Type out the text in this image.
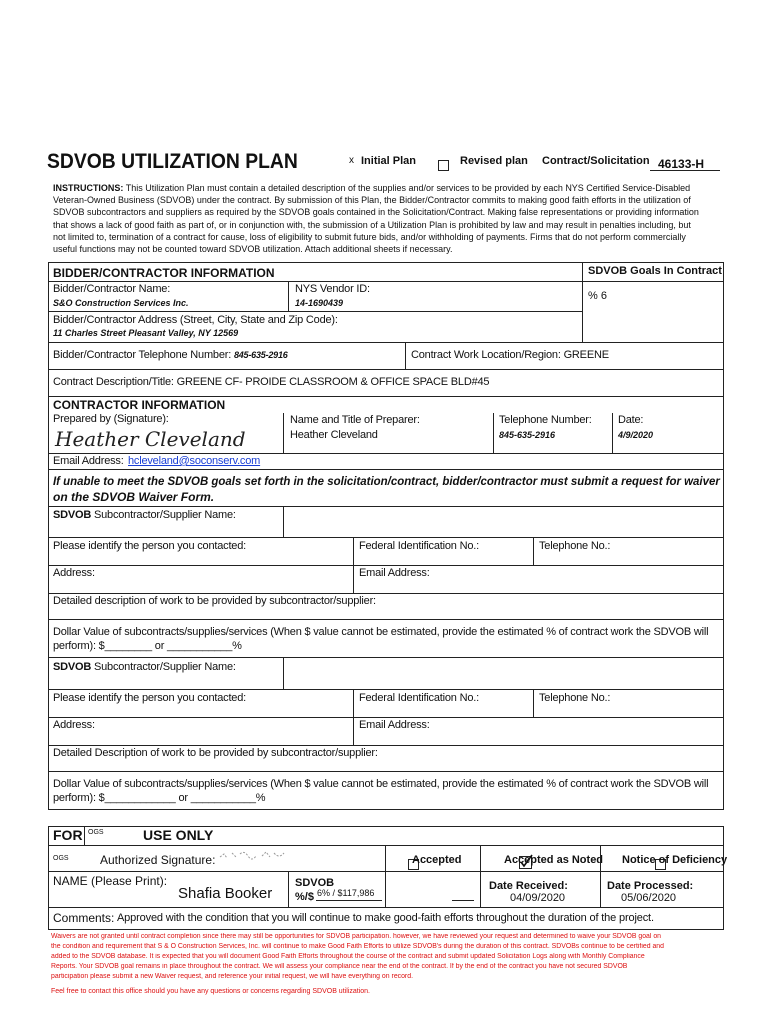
SDVOB UTILIZATION PLAN	x Initial Plan
	Revised plan Contract/Solicitation 46133-H
INSTRUCTIONS: This Utilization Plan must contain a detailed description of the supplies and/or services to be provided by each NYS Certified Service-Disabled
Veteran-Owned Business (SDVOB) under the contract. By submission of this Plan, the Bidder/Contractor commits to making good faith efforts in the utilization of
SDVOB subcontractors and suppliers as required by the SDVOB goals contained in the Solicitation/Contract. Making false representations or providing information
that shows a lack of good faith as part of, or in conjunction with, the submission of a Utilization Plan is prohibited by law and may result in penalties including, but
not limited to, termination of a contract for cause, loss of eligibility to submit future bids, and/or withholding of payments. Firms that do not perform commercially
useful functions may not be counted toward SDVOB utilization. Attach additional sheets if necessary.
BIDDER/CONTRACTOR INFORMATION	SDVOB Goals In Contract
% 6
Bidder/Contractor Name:
S&O Construction Services Inc.
NYS Vendor ID:
14-1690439
Bidder/Contractor Address (Street, City, State and Zip Code):
11 Charles Street Pleasant Valley, NY 12569
Bidder/Contractor Telephone Number: 845-635-2916	Contract Work Location/Region: GREENE
Contract Description/Title: GREENE CF- PROIDE CLASSROOM & OFFICE SPACE BLD#45
CONTRACTOR INFORMATION
Prepared by (Signature):
Heather Cleveland
Name and Title of Preparer:
Heather Cleveland
Telephone Number:
845-635-2916
Date:
4/9/2020
Email Address: hcleveland@soconserv.com
If unable to meet the SDVOB goals set forth in the solicitation/contract, bidder/contractor must submit a request for waiver
on the SDVOB Waiver Form.
SDVOB Subcontractor/Supplier Name:
Please identify the person you contacted:	Federal Identification No.:	Telephone No.:
Address:	Email Address:
Detailed description of work to be provided by subcontractor/supplier:
Dollar Value of subcontracts/supplies/services (When $ value cannot be estimated, provide the estimated % of contract work the SDVOB will
perform): $________ or ___________%
SDVOB Subcontractor/Supplier Name:
Please identify the person you contacted:	Federal Identification No.:	Telephone No.:
Address:	Email Address:
Detailed Description of work to be provided by subcontractor/supplier:
Dollar Value of subcontracts/supplies/services (When $ value cannot be estimated, provide the estimated % of contract work the SDVOB will
perform): $____________ or ___________%
FOR OGS	USE ONLY
OGS	Authorized Signature:
	Accepted
	Accepted as Noted Notice of Deficiency
NAME (Please Print):
Shafia Booker
SDVOB
%/$ 6% / $117,986
Date Received:
04/09/2020
Date Processed:
05/06/2020
Comments: Approved with the condition that you will continue to make good-faith efforts throughout the duration of the project.
Waivers are not granted until contract completion since there may still be opportunities for SDVOB participation. however, we have reviewed your request and determined to waive your SDVOB goal on
the condition and requirement that S & O Construction Services, Inc. will continue to make Good Faith Efforts to utilize SDVOB's during the duration of this contract. SDVOBs continue to be certified and
added to the SDVOB database. It is expected that you will document Good Faith Efforts throughout the course of the contract and submit updated Solicitation Logs along with Monthly Compliance
Reports. Your SDVOB goal remains in place throughout the contract. We will assess your compliance near the end of the contract. If by the end of the contract you have not secured SDVOB
participation please submit a new Waiver request, and reference your initial request, we will have everything on record.
Feel free to contact this office should you have any questions or concerns regarding SDVOB utilization.
